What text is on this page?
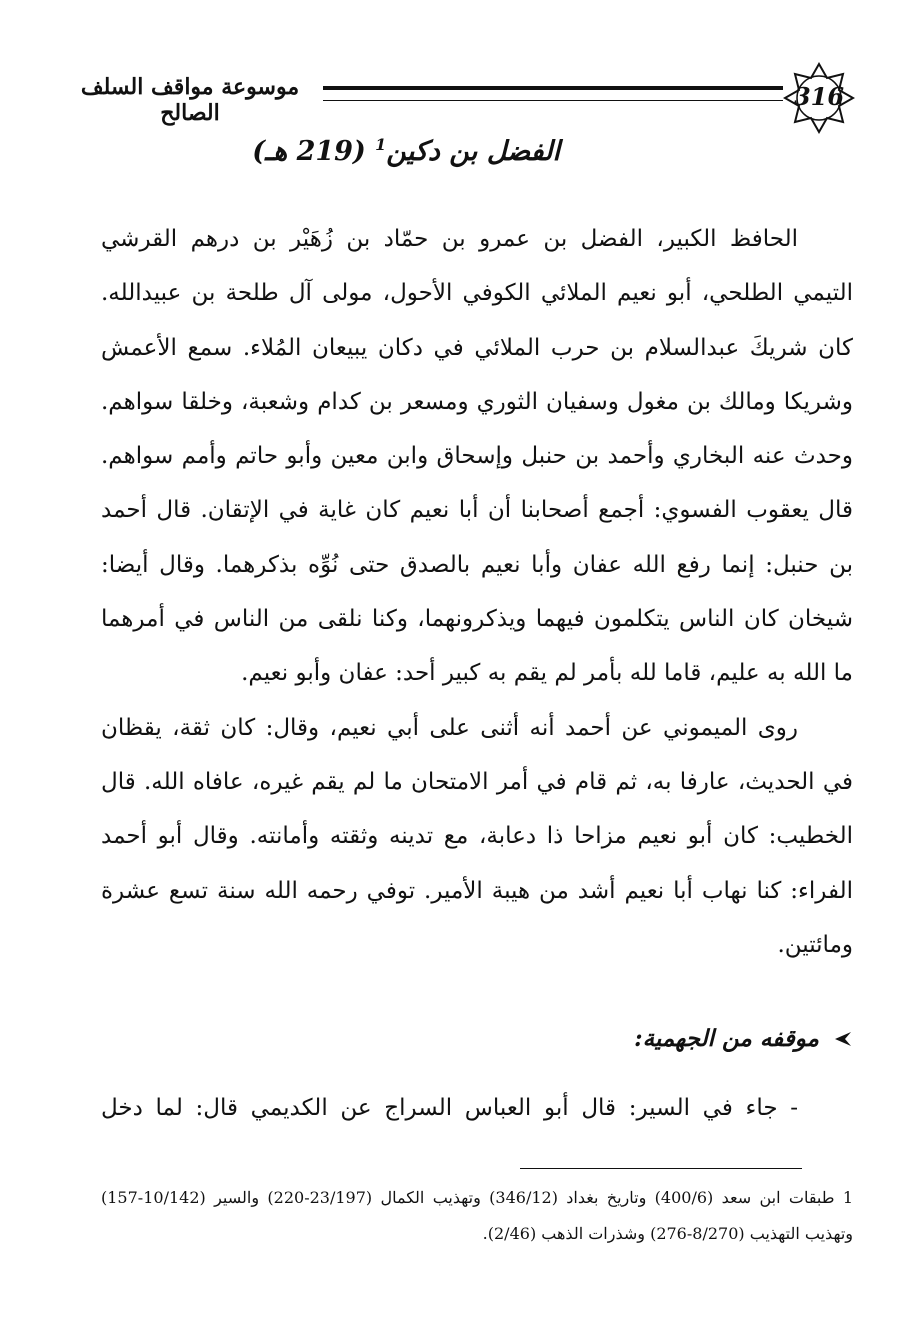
موسوعة مواقف السلف الصالح
316
الفضل بن دكين$^1$ (219 هـ)

الحافظ الكبير، الفضل بن عمرو بن حمّاد بن زُهَيْر بن درهم القرشي التيمي الطلحي، أبو نعيم الملائي الكوفي الأحول، مولى آل طلحة بن عبيدالله. كان شريكَ عبدالسلام بن حرب الملائي في دكان يبيعان المُلاء. سمع الأعمش وشريكا ومالك بن مغول وسفيان الثوري ومسعر بن كدام وشعبة، وخلقا سواهم. وحدث عنه البخاري وأحمد بن حنبل وإسحاق وابن معين وأبو حاتم وأمم سواهم. قال يعقوب الفسوي: أجمع أصحابنا أن أبا نعيم كان غاية في الإتقان. قال أحمد بن حنبل: إنما رفع الله عفان وأبا نعيم بالصدق حتى نُوِّه بذكرهما. وقال أيضا: شيخان كان الناس يتكلمون فيهما ويذكرونهما، وكنا نلقى من الناس في أمرهما ما الله به عليم، قاما لله بأمر لم يقم به كبير أحد: عفان وأبو نعيم.

روى الميموني عن أحمد أنه أثنى على أبي نعيم، وقال: كان ثقة، يقظان في الحديث، عارفا به، ثم قام في أمر الامتحان ما لم يقم غيره، عافاه الله. قال الخطيب: كان أبو نعيم مزاحا ذا دعابة، مع تدينه وثقته وأمانته. وقال أبو أحمد الفراء: كنا نهاب أبا نعيم أشد من هيبة الأمير. توفي رحمه الله سنة تسع عشرة ومائتين.

موقفه من الجهمية:
- جاء في السير: قال أبو العباس السراج عن الكديمي قال: لما دخل
1 طبقات ابن سعد (400/6) وتاريخ بغداد (346/12) وتهذيب الكمال (23/197-220) والسير (10/142-157) وتهذيب التهذيب (8/270-276) وشذرات الذهب (2/46).
